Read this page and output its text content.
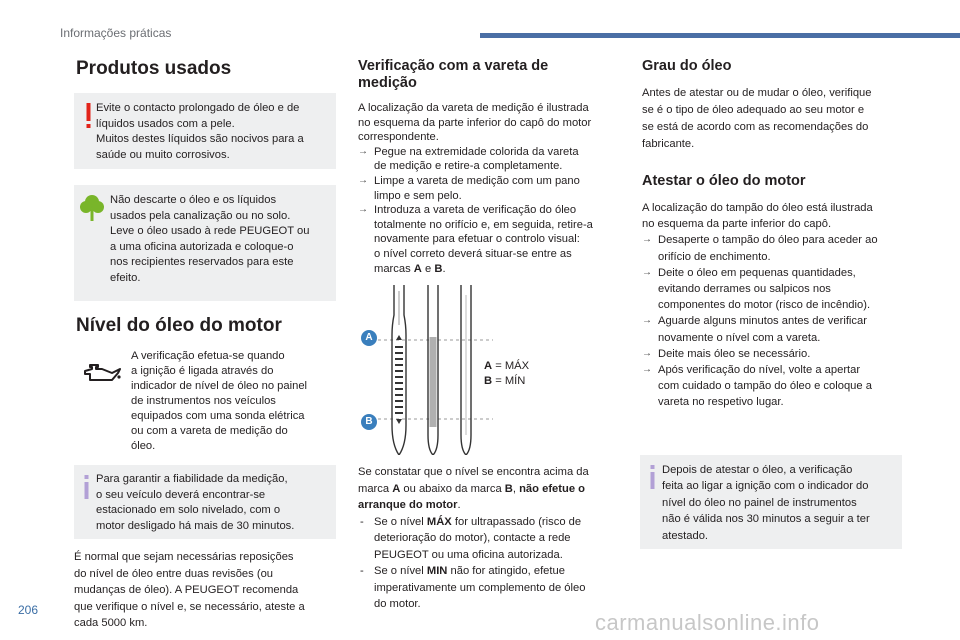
Informações práticas
206	carmanualsonline.info
Produtos usados

Evite o contacto prolongado de óleo e de

líquidos usados com a pele.

Muitos destes líquidos são nocivos para a

saúde ou muito corrosivos.

Não descarte o óleo e os líquidos

usados pela canalização ou no solo.

Leve o óleo usado à rede PEUGEOT ou

a uma oficina autorizada e coloque-o

nos recipientes reservados para este

efeito.

Nível do óleo do motor

A verificação efetua-se quando

a ignição é ligada através do

indicador de nível de óleo no painel

de instrumentos nos veículos

equipados com uma sonda elétrica

ou com a vareta de medição do

óleo.

Para garantir a fiabilidade da medição,

o seu veículo deverá encontrar-se

estacionado em solo nivelado, com o

motor desligado há mais de 30 minutos.

É normal que sejam necessárias reposições

do nível de óleo entre duas revisões (ou

mudanças de óleo). A PEUGEOT recomenda

que verifique o nível e, se necessário, ateste a

cada 5000 km.

Verificação com a vareta de
medição

A localização da vareta de medição é ilustrada

no esquema da parte inferior do capô do motor

correspondente.

→ Pegue na extremidade colorida da vareta
de medição e retire-a completamente.
→ Limpe a vareta de medição com um pano
limpo e sem pelo.
→ Introduza a vareta de verificação do óleo
totalmente no orifício e, em seguida, retire-a
novamente para efetuar o controlo visual:
o nível correto deverá situar-se entre as
marcas A e B.
A
B

A = MÁX

B = MÍN

Se constatar que o nível se encontra acima da

marca A ou abaixo da marca B, não efetue o

arranque do motor.

- Se o nível MÁX for ultrapassado (risco de
deterioração do motor), contacte a rede
PEUGEOT ou uma oficina autorizada.
- Se o nível MIN não for atingido, efetue
imperativamente um complemento de óleo
do motor.
Grau do óleo

Antes de atestar ou de mudar o óleo, verifique

se é o tipo de óleo adequado ao seu motor e

se está de acordo com as recomendações do

fabricante.

Atestar o óleo do motor

A localização do tampão do óleo está ilustrada

no esquema da parte inferior do capô.

→ Desaperte o tampão do óleo para aceder ao
orifício de enchimento.
→ Deite o óleo em pequenas quantidades,
evitando derrames ou salpicos nos
componentes do motor (risco de incêndio).
→ Aguarde alguns minutos antes de verificar
novamente o nível com a vareta.
→ Deite mais óleo se necessário.
→ Após verificação do nível, volte a apertar
com cuidado o tampão do óleo e coloque a
vareta no respetivo lugar.

Depois de atestar o óleo, a verificação

feita ao ligar a ignição com o indicador do

nível do óleo no painel de instrumentos

não é válida nos 30 minutos a seguir a ter

atestado.
